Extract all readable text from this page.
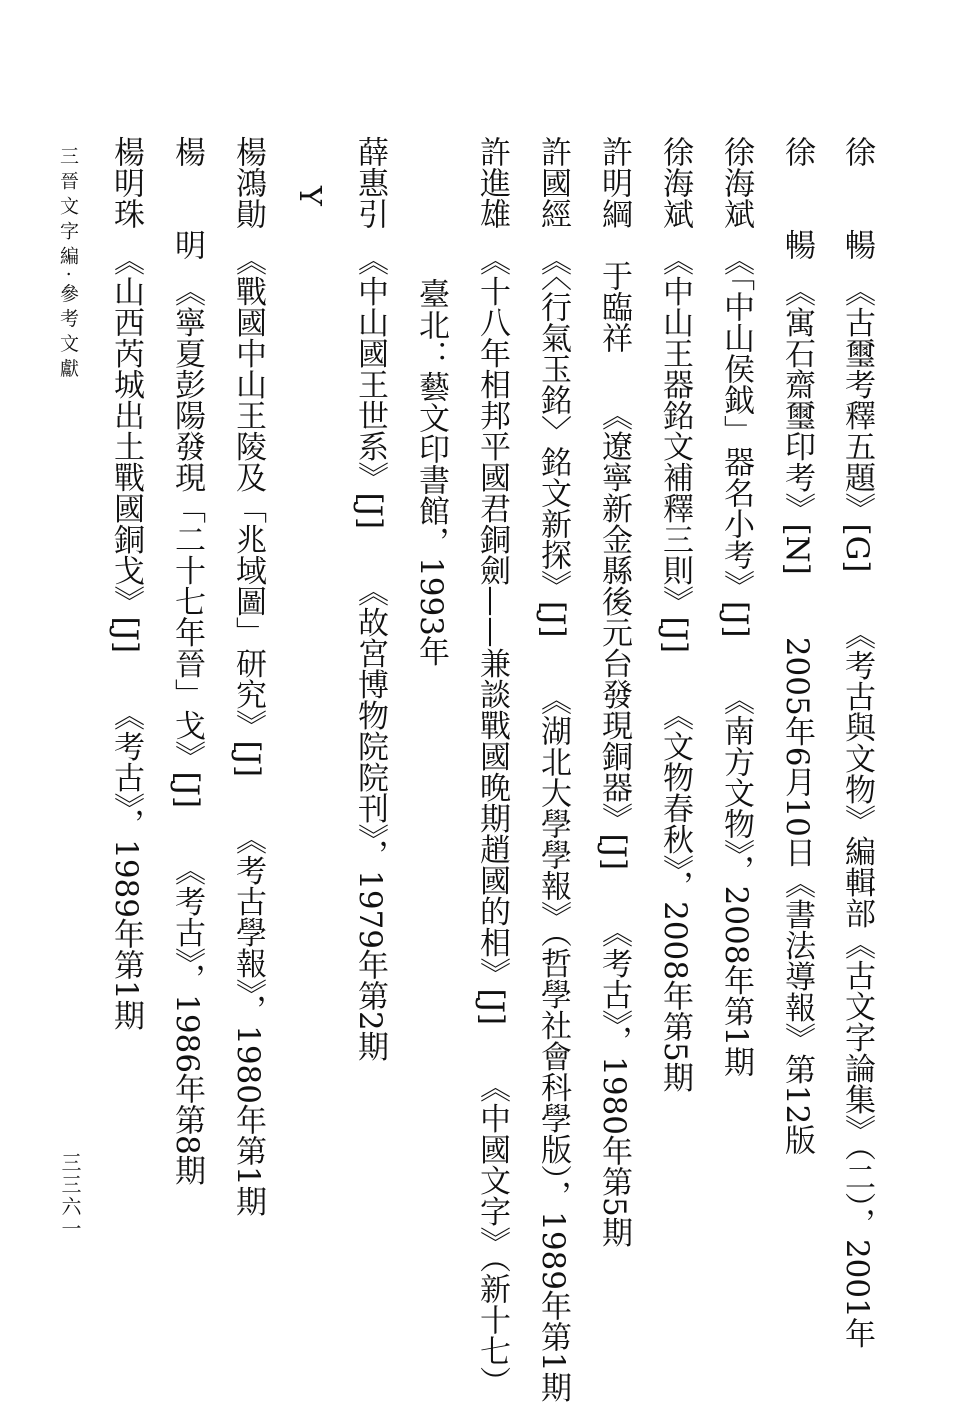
徐　　暢　《古璽考釋五題》[G]　　《考古與文物》編輯部《古文字論集》（二），2001年
徐　　暢　《寓石齋璽印考》[N]　　2005年6月10日《書法導報》第12版
徐海斌　《「中山侯鉞」器名小考》[J]　　《南方文物》，2008年第1期
徐海斌　《中山王器銘文補釋三則》[J]　　《文物春秋》，2008年第5期
許明綱　于臨祥　　《遼寧新金縣後元台發現銅器》[J]　　《考古》，1980年第5期
許國經　《〈行氣玉銘〉銘文新探》[J]　　《湖北大學學報》（哲學社會科學版），1989年第1期
許進雄　《十八年相邦平國君銅劍——兼談戰國晚期趙國的相》[J]　　《中國文字》（新十七）
臺北：藝文印書館，1993年
薛惠引　《中山國王世系》[J]　　《故宮博物院院刊》，1979年第2期
Y
楊鴻勛　《戰國中山王陵及「兆域圖」研究》[J]　　《考古學報》，1980年第1期
楊　　明　《寧夏彭陽發現「二十七年晉」戈》[J]　　《考古》，1986年第8期
楊明珠　《山西芮城出土戰國銅戈》[J]　　《考古》，1989年第1期
三晉文字編·參考文獻
三三六一
